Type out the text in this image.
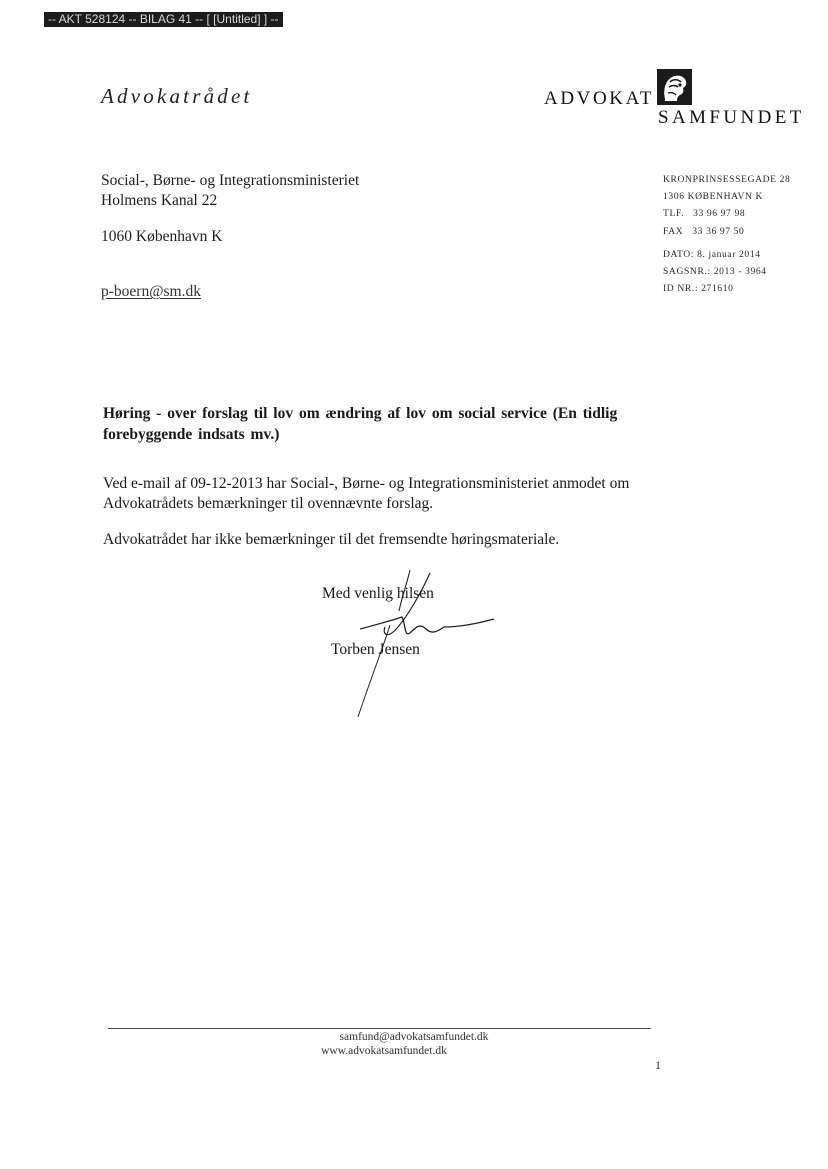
-- AKT 528124 -- BILAG 41 -- [ [Untitled] ] --
Advokatrådet	ADVOKAT
SAMFUNDET
Social-, Børne- og Integrationsministeriet
Holmens Kanal 22
1060 København K
p-boern@sm.dk
KRONPRINSESSEGADE 28
1306 KØBENHAVN K
TLF.   33 96 97 98
FAX   33 36 97 50
DATO: 8. januar 2014
SAGSNR.: 2013 - 3964
ID NR.: 271610
Høring - over forslag til lov om ændring af lov om social service (En tidlig forebyggende indsats mv.)
Ved e-mail af 09-12-2013 har Social-, Børne- og Integrationsministeriet anmodet om Advokatrådets bemærkninger til ovennævnte forslag.
Advokatrådet har ikke bemærkninger til det fremsendte høringsmateriale.
Med venlig hilsen
Torben Jensen
samfund@advokatsamfundet.dk
www.advokatsamfundet.dk
1
